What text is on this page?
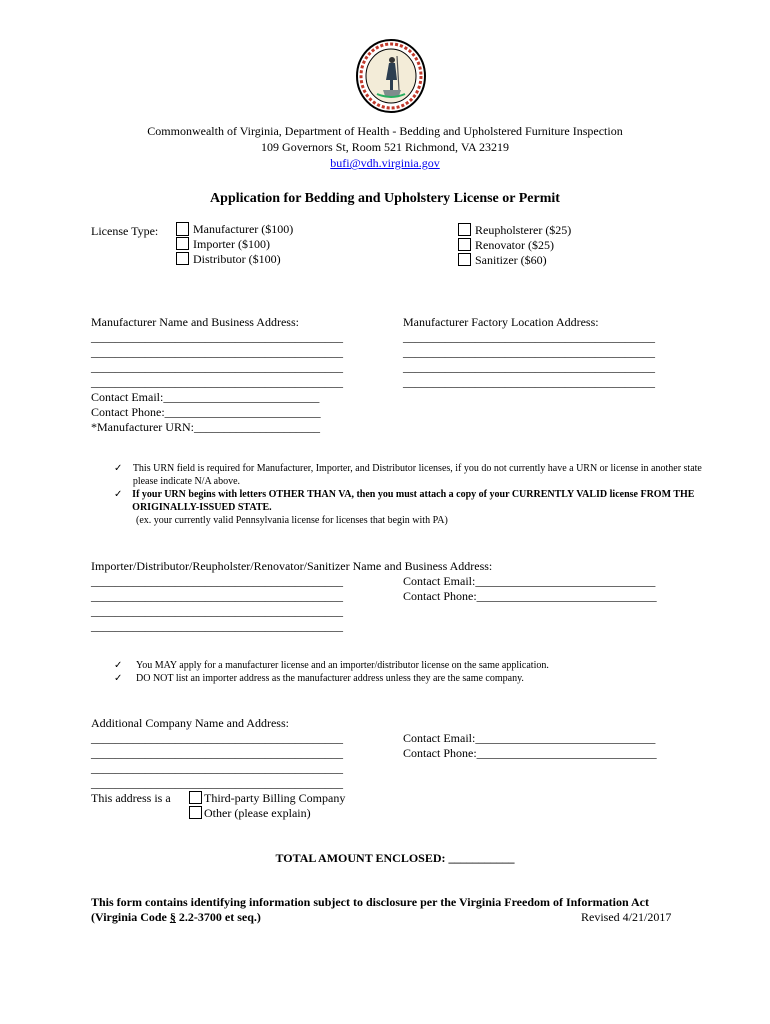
Commonwealth of Virginia, Department of Health - Bedding and Upholstered Furniture Inspection
109 Governors St, Room 521 Richmond, VA 23219
bufi@vdh.virginia.gov
Application for Bedding and Upholstery License or Permit
License Type:	Manufacturer ($100)
Importer ($100)
Distributor ($100)
Reupholsterer ($25)
Renovator ($25)
Sanitizer ($60)
Manufacturer Name and Business Address:
__________________________________________
__________________________________________
__________________________________________
__________________________________________
Contact Email:__________________________
Contact Phone:__________________________
*Manufacturer URN:_____________________
Manufacturer Factory Location Address:
__________________________________________
__________________________________________
__________________________________________
__________________________________________
✓	This URN field is required for Manufacturer, Importer, and Distributor licenses, if you do not currently have a URN or license in another state please indicate N/A above.
✓ If your URN begins with letters OTHER THAN VA, then you must attach a copy of your CURRENTLY VALID license FROM THE ORIGINALLY-ISSUED STATE.
(ex. your currently valid Pennsylvania license for licenses that begin with PA)
Importer/Distributor/Reupholster/Renovator/Sanitizer Name and Business Address:
__________________________________________
__________________________________________
__________________________________________
__________________________________________
Contact Email:______________________________
Contact Phone:______________________________
✓	You MAY apply for a manufacturer license and an importer/distributor license on the same application.
✓	DO NOT list an importer address as the manufacturer address unless they are the same company.
Additional Company Name and Address:
__________________________________________
__________________________________________
__________________________________________
__________________________________________
Contact Email:______________________________
Contact Phone:______________________________
This address is a	Third-party Billing Company
Other (please explain)
TOTAL AMOUNT ENCLOSED: ___________
This form contains identifying information subject to disclosure per the Virginia Freedom of Information Act
(Virginia Code § 2.2-3700 et seq.)	Revised 4/21/2017
